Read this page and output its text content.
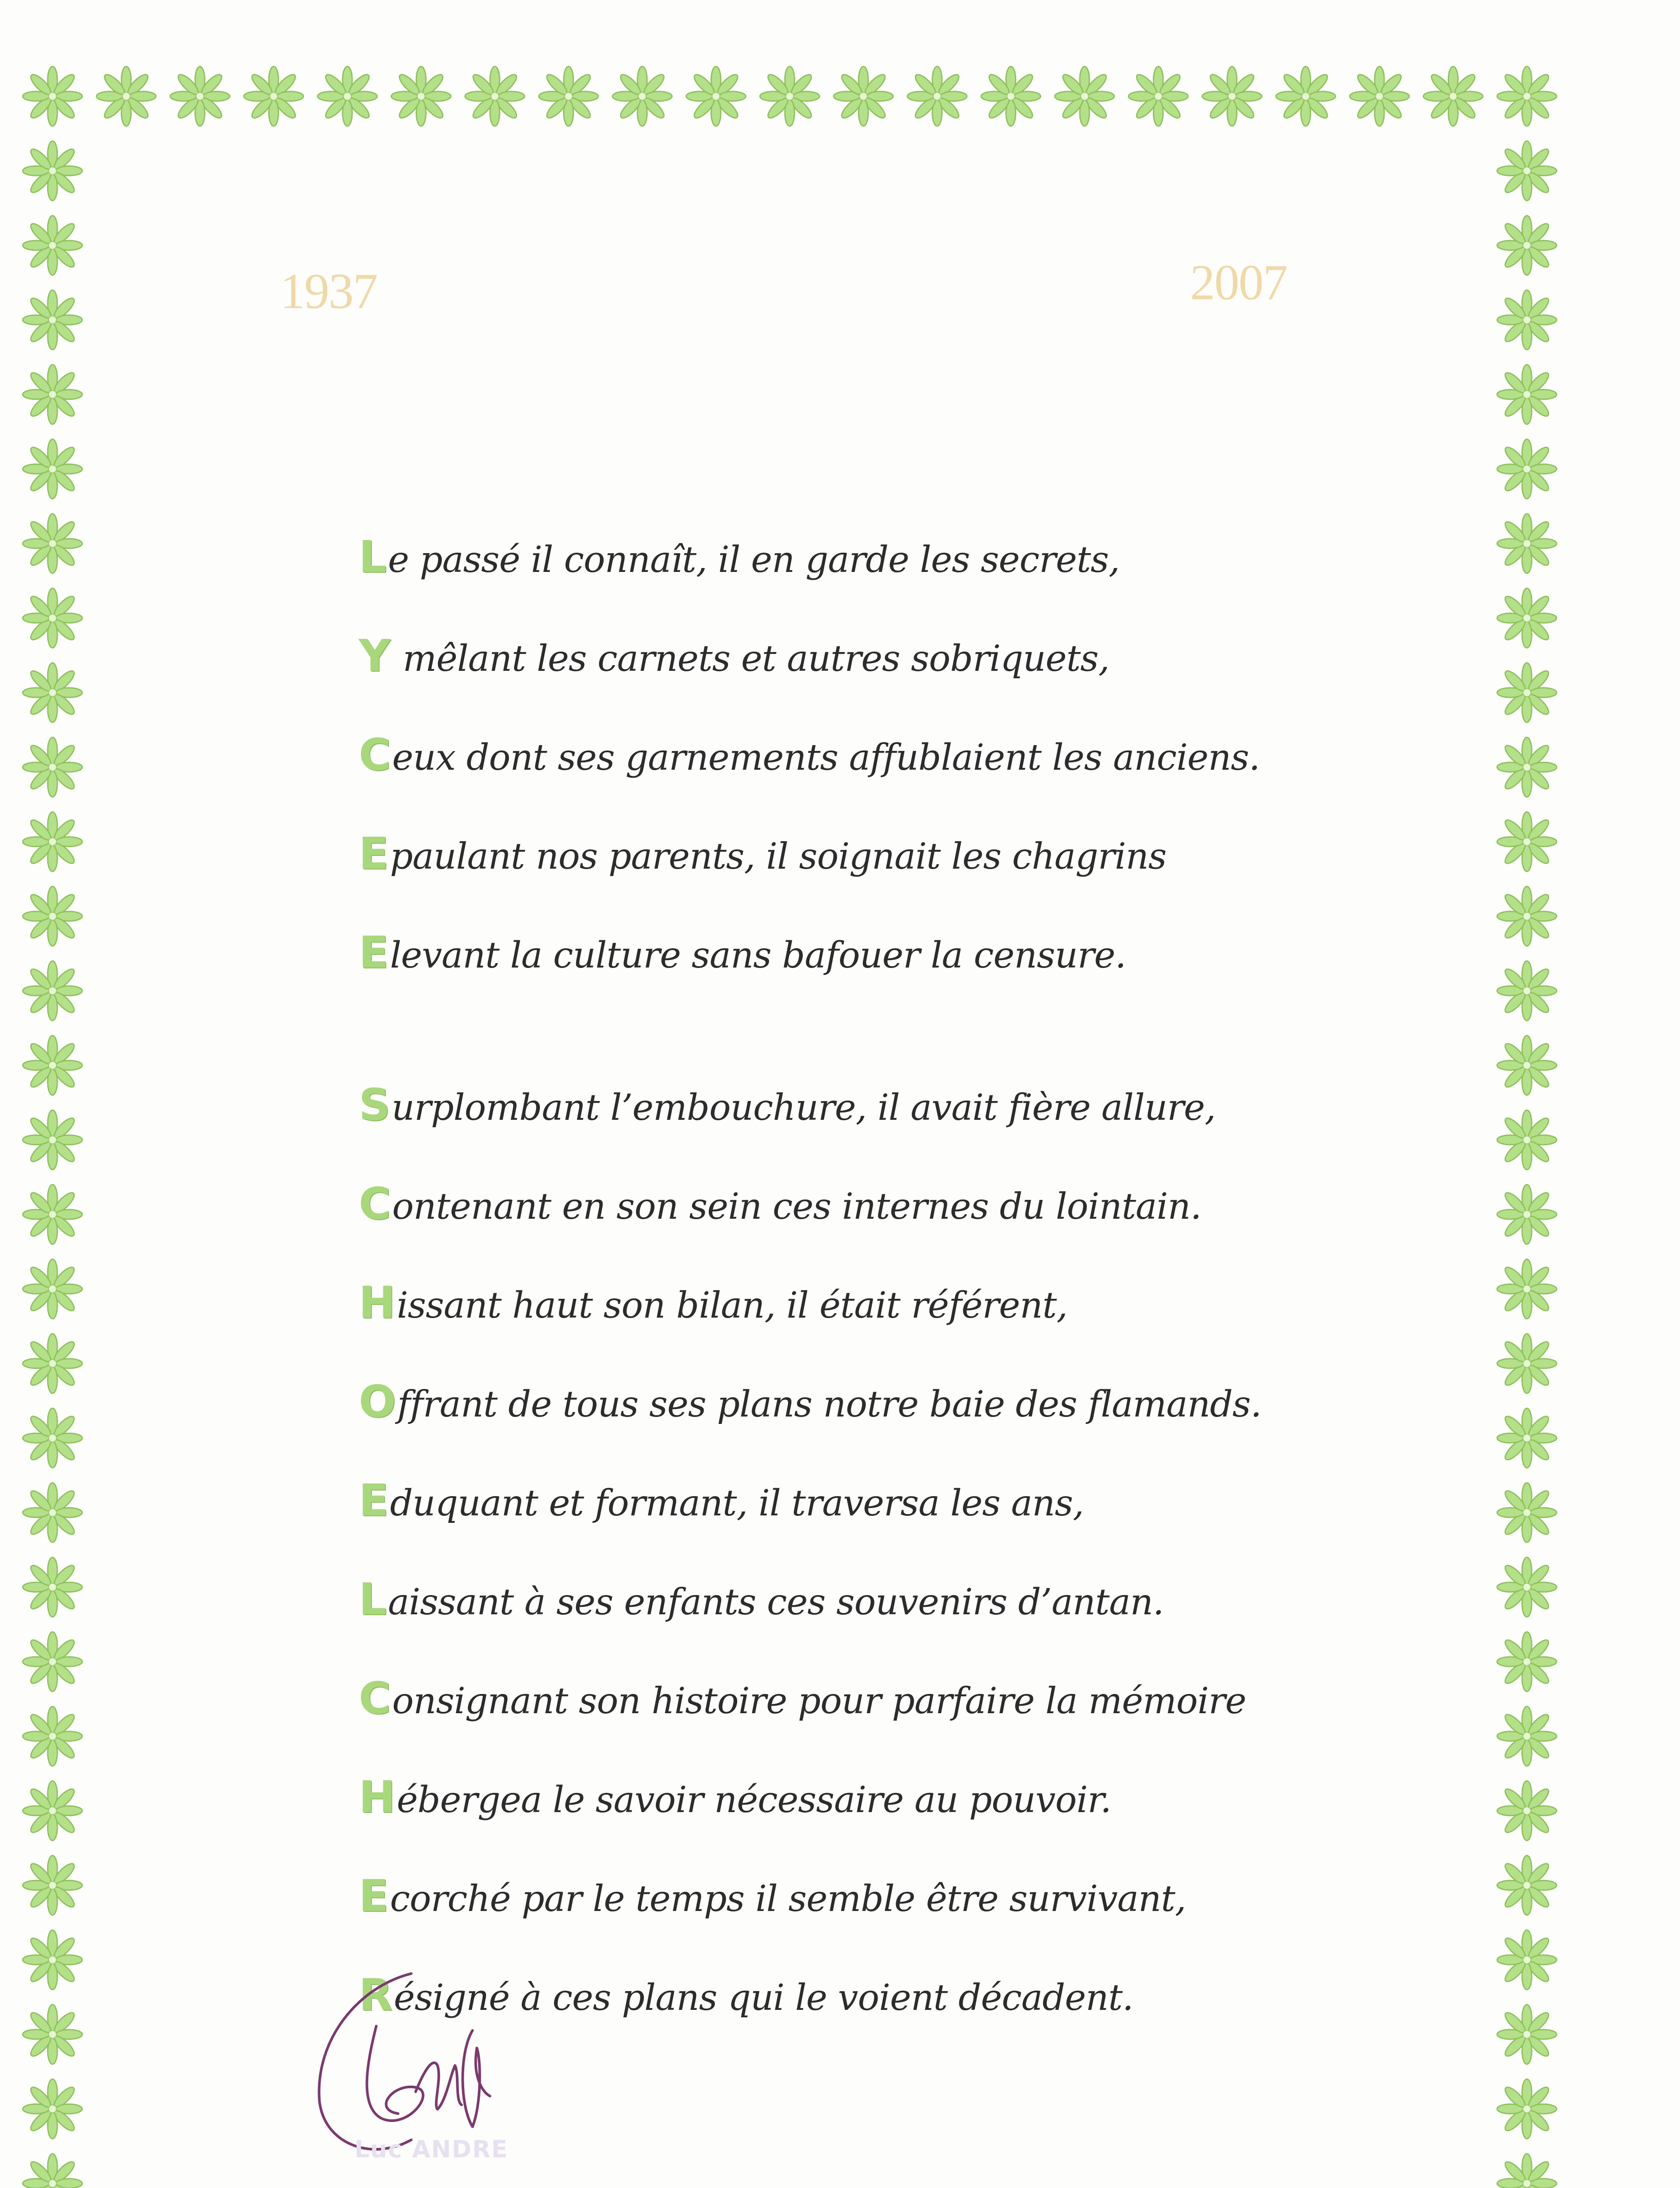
1937	2007
Le passé il connaît, il en garde les secrets,
Y mêlant les carnets et autres sobriquets,
Ceux dont ses garnements affublaient les anciens.
Epaulant nos parents, il soignait les chagrins
Elevant la culture sans bafouer la censure.
Surplombant l’embouchure, il avait fière allure,
Contenant en son sein ces internes du lointain.
Hissant haut son bilan, il était référent,
Offrant de tous ses plans notre baie des flamands.
Eduquant et formant, il traversa les ans,
Laissant à ses enfants ces souvenirs d’antan.
Consignant son histoire pour parfaire la mémoire
Hébergea le savoir nécessaire au pouvoir.
Ecorché par le temps il semble être survivant,
Résigné à ces plans qui le voient décadent.
Luc ANDRE
